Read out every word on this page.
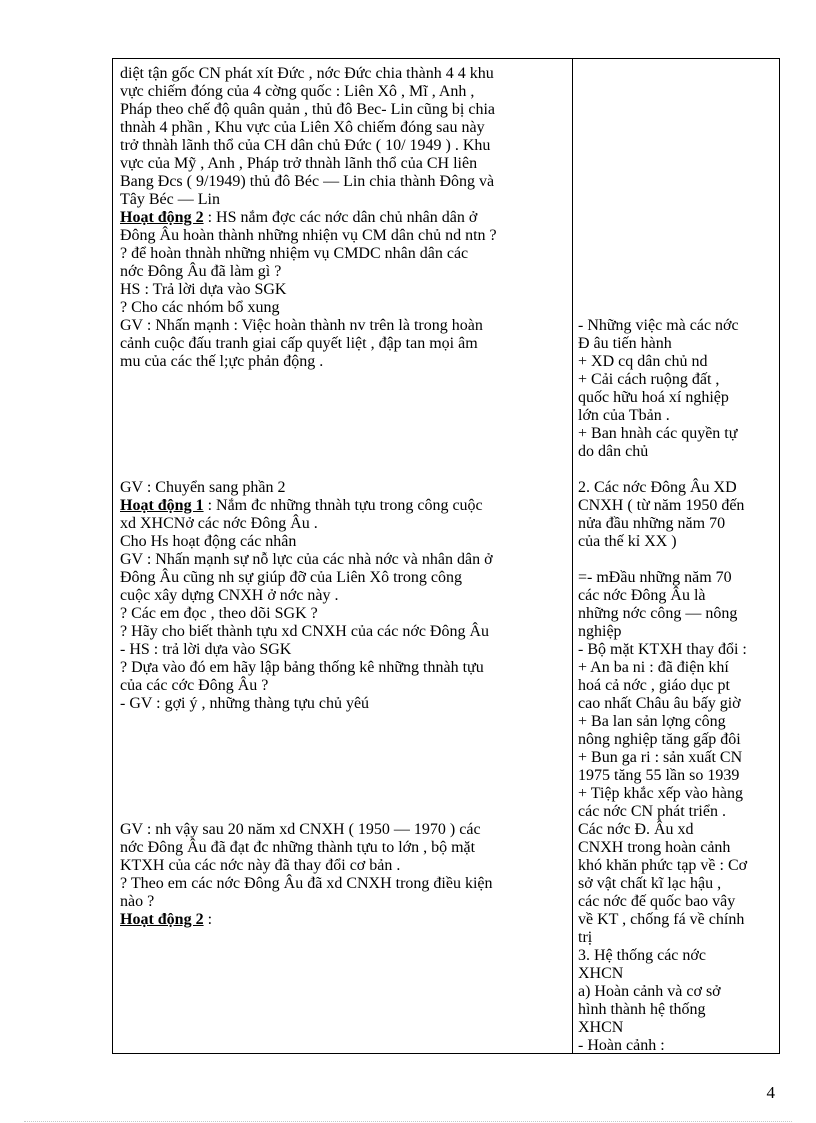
diệt tận gốc CN phát xít Đức , nớc Đức chia thành 4 4 khu
vực chiếm đóng của 4 cờng quốc : Liên Xô , Mĩ , Anh ,
Pháp theo chế độ quân quản , thủ đô Bec- Lin cũng bị chia
thnàh 4 phần , Khu vực của Liên Xô chiếm đóng sau này
trở thnàh lãnh thổ của CH dân chủ Đức ( 10/ 1949 ) . Khu
vực của Mỹ , Anh , Pháp trở thnàh lãnh thổ của CH liên
Bang Đcs ( 9/1949) thủ đô Béc — Lin chia thành Đông và
Tây Béc — Lin
Hoạt động 2 : HS nắm đợc các nớc dân chủ nhân dân ở
Đông Âu hoàn thành những nhiện vụ CM dân chủ nd ntn ?
? để hoàn thnàh những nhiệm vụ CMDC nhân dân các
nớc Đông Âu đã làm gì ?
HS : Trả lời dựa vào SGK
? Cho các nhóm bổ xung
GV : Nhấn mạnh : Việc hoàn thành nv trên là trong hoàn
cảnh cuộc đấu tranh giai cấp quyết liệt , đập tan mọi âm
mu của các thế l;ực phản động .
GV : Chuyển sang phần 2
Hoạt động 1 : Nắm đc những thnàh tựu trong công cuộc
xd XHCNở các nớc Đông Âu .
Cho Hs hoạt động các nhân
GV : Nhấn mạnh sự nỗ lực của các nhà nớc và nhân dân ở
Đông Âu cũng nh sự giúp đỡ của Liên Xô trong công
cuộc xây dựng CNXH ở nớc này .
? Các em đọc , theo dõi SGK ?
? Hãy cho biết thành tựu xd CNXH của các nớc Đông Âu
- HS : trả lời dựa vào SGK
? Dựa vào đó em hãy lập bảng thống kê những thnàh tựu
của các cớc Đông Âu ?
- GV : gợi ý , những thàng tựu chủ yêú
GV : nh vậy sau 20 năm xd CNXH ( 1950 — 1970 ) các
nớc Đông Âu đã đạt đc những thành tựu to lớn , bộ mặt
KTXH của các nớc này đã thay đổi cơ bản .
? Theo em các nớc Đông Âu đã xd CNXH trong điều kiện
nào ?
Hoạt động 2 :
- Những việc mà các nớc
Đ âu tiến hành
+ XD cq dân chủ nd
+ Cải cách ruộng đất ,
quốc hữu hoá xí nghiệp
lớn của Tbản .
+ Ban hnàh các quyền tự
do dân chủ
2. Các nớc Đông Âu XD
CNXH ( từ năm 1950 đến
nửa đầu những năm 70
của thế kỉ XX )
=- mĐầu những năm 70
các nớc Đông Âu là
những nớc công — nông
nghiệp
- Bộ mặt KTXH thay đổi :
+ An ba ni : đã điện khí
hoá cả nớc , giáo dục pt
cao nhất Châu âu bấy giờ
+ Ba lan sản lợng công
nông nghiệp tăng gấp đôi
+ Bun ga ri : sản xuất CN
1975 tăng 55 lần so 1939
+ Tiệp khắc xếp vào hàng
các nớc CN phát triển .
Các nớc Đ. Âu xd
CNXH trong hoàn cảnh
khó khăn phức tạp về : Cơ
sở vật chất kĩ lạc hậu ,
các nớc đế quốc bao vây
về KT , chống fá về chính
trị
3. Hệ thống các nớc
XHCN
a) Hoàn cảnh và cơ sở
hình thành hệ thống
XHCN
- Hoàn cảnh :
4
